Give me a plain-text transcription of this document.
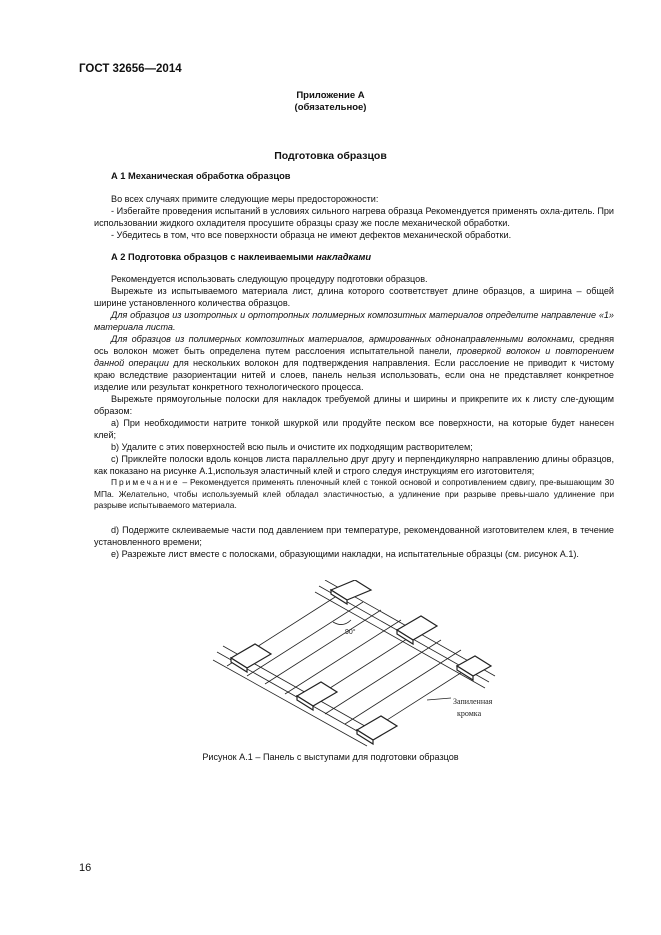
ГОСТ 32656—2014
Приложение А
(обязательное)
Подготовка образцов
А 1 Механическая обработка образцов

Во всех случаях примите следующие меры предосторожности:

- Избегайте проведения испытаний в условиях сильного нагрева образца Рекомендуется применять охла-дитель. При использовании жидкого охладителя просушите образцы сразу же после механической обработки.

- Убедитесь в том, что все поверхности образца не имеют дефектов механической обработки.

А 2 Подготовка образцов с наклеиваемыми накладками

Рекомендуется использовать следующую процедуру подготовки образцов.

Вырежьте из испытываемого материала лист, длина которого соответствует длине образцов, а ширина – общей ширине установленного количества образцов.

Для образцов из изотропных и ортотропных полимерных композитных материалов определите направление «1» материала листа.

Для образцов из полимерных композитных материалов, армированных однонаправленными волокнами, средняя ось волокон может быть определена путем расслоения испытательной панели, проверкой волокон и повторением данной операции для нескольких волокон для подтверждения направления. Если расслоение не приводит к чистому краю вследствие разориентации нитей и слоев, панель нельзя использовать, если она не представляет конкретное изделие или результат конкретного технологического процесса.

Вырежьте прямоугольные полоски для накладок требуемой длины и ширины и прикрепите их к листу сле-дующим образом:

а) При необходимости натрите тонкой шкуркой или продуйте песком все поверхности, на которые будет нанесен клей;

b) Удалите с этих поверхностей всю пыль и очистите их подходящим растворителем;

с) Приклейте полоски вдоль концов листа параллельно друг другу и перпендикулярно направлению длины образцов, как показано на рисунке А.1,используя эластичный клей и строго следуя инструкциям его изготовителя;

Примечание – Рекомендуется применять пленочный клей с тонкой основой и сопротивлением сдвигу, пре-вышающим 30 МПа. Желательно, чтобы используемый клей обладал эластичностью, а удлинение при разрыве превы-шало удлинение при разрыве испытываемого материала.

d) Подержите склеиваемые части под давлением при температуре, рекомендованной изготовителем клея, в течение установленного времени;

е) Разрежьте лист вместе с полосками, образующими накладки, на испытательные образцы (см. рисунок А.1).

90°
Запиленная
кромка
Рисунок А.1 – Панель с выступами для подготовки образцов
16
